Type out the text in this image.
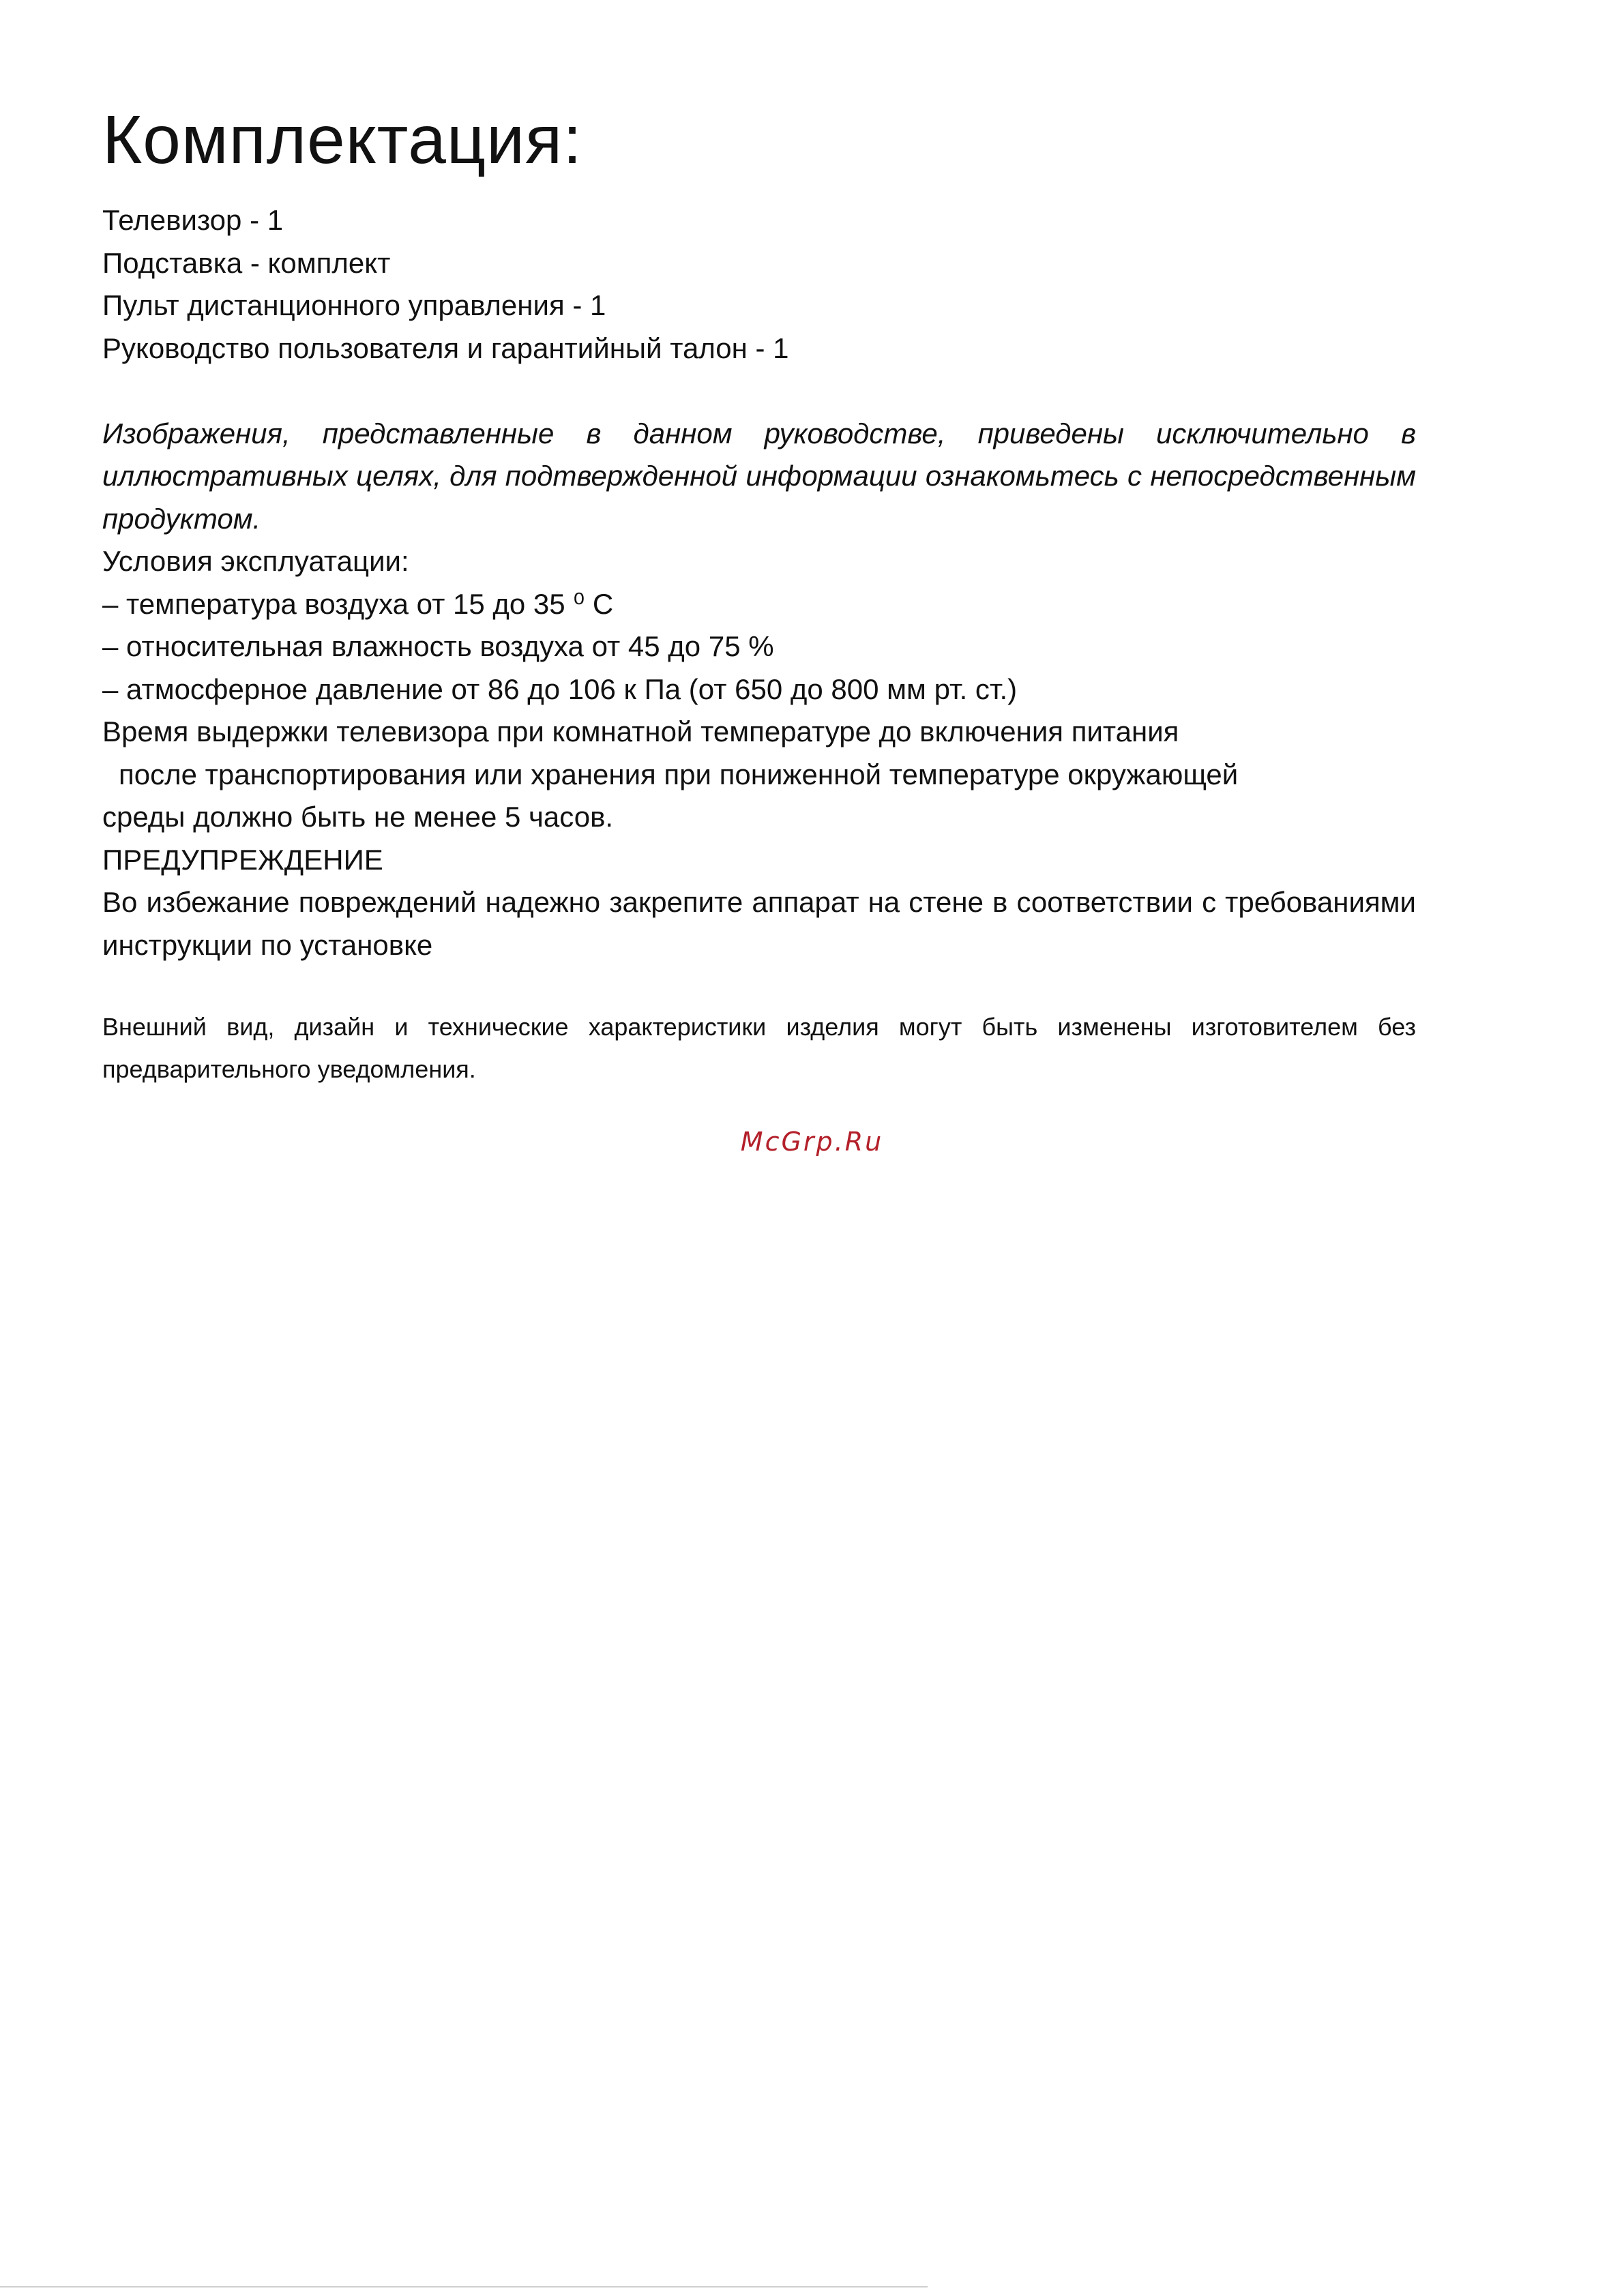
Комплектация:
Телевизор - 1
Подставка - комплект
Пульт дистанционного управления - 1
Руководство пользователя и гарантийный талон - 1
Изображения, представленные в данном руководстве, приведены исключительно в иллюстративных целях, для подтвержденной информации ознакомьтесь с непосредственным продуктом.
Условия эксплуатации:
– температура воздуха от 15 до 35 ⁰ С
– относительная влажность воздуха от 45 до 75 %
– атмосферное давление от 86 до 106 к Па (от 650 до 800 мм рт. ст.)
Время выдержки телевизора при комнатной температуре до включения питания
после транспортирования или хранения при пониженной температуре окружающей
среды должно быть не менее 5 часов.
ПРЕДУПРЕЖДЕНИЕ
Во избежание повреждений надежно закрепите аппарат на стене в соответствии с требованиями инструкции по установке
Внешний вид, дизайн и технические характеристики изделия могут быть изменены изготовителем без предварительного уведомления.
McGrp.Ru
